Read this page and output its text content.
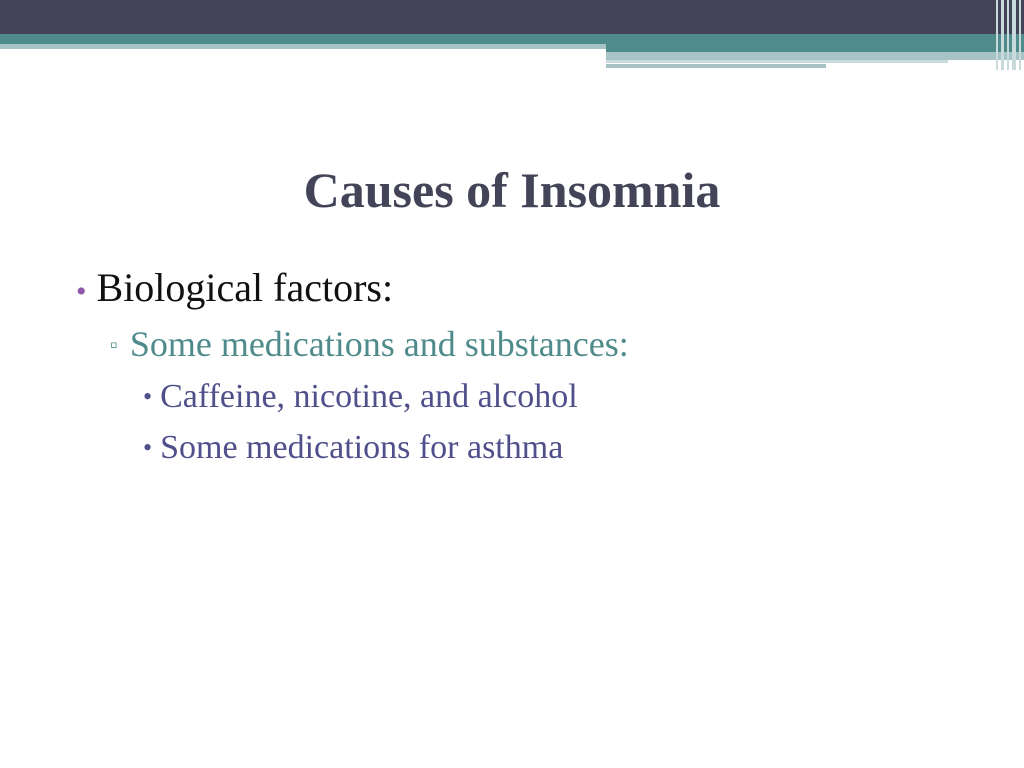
Causes of Insomnia
• Biological factors:
▫ Some medications and substances:
• Caffeine, nicotine, and alcohol
• Some medications for asthma
